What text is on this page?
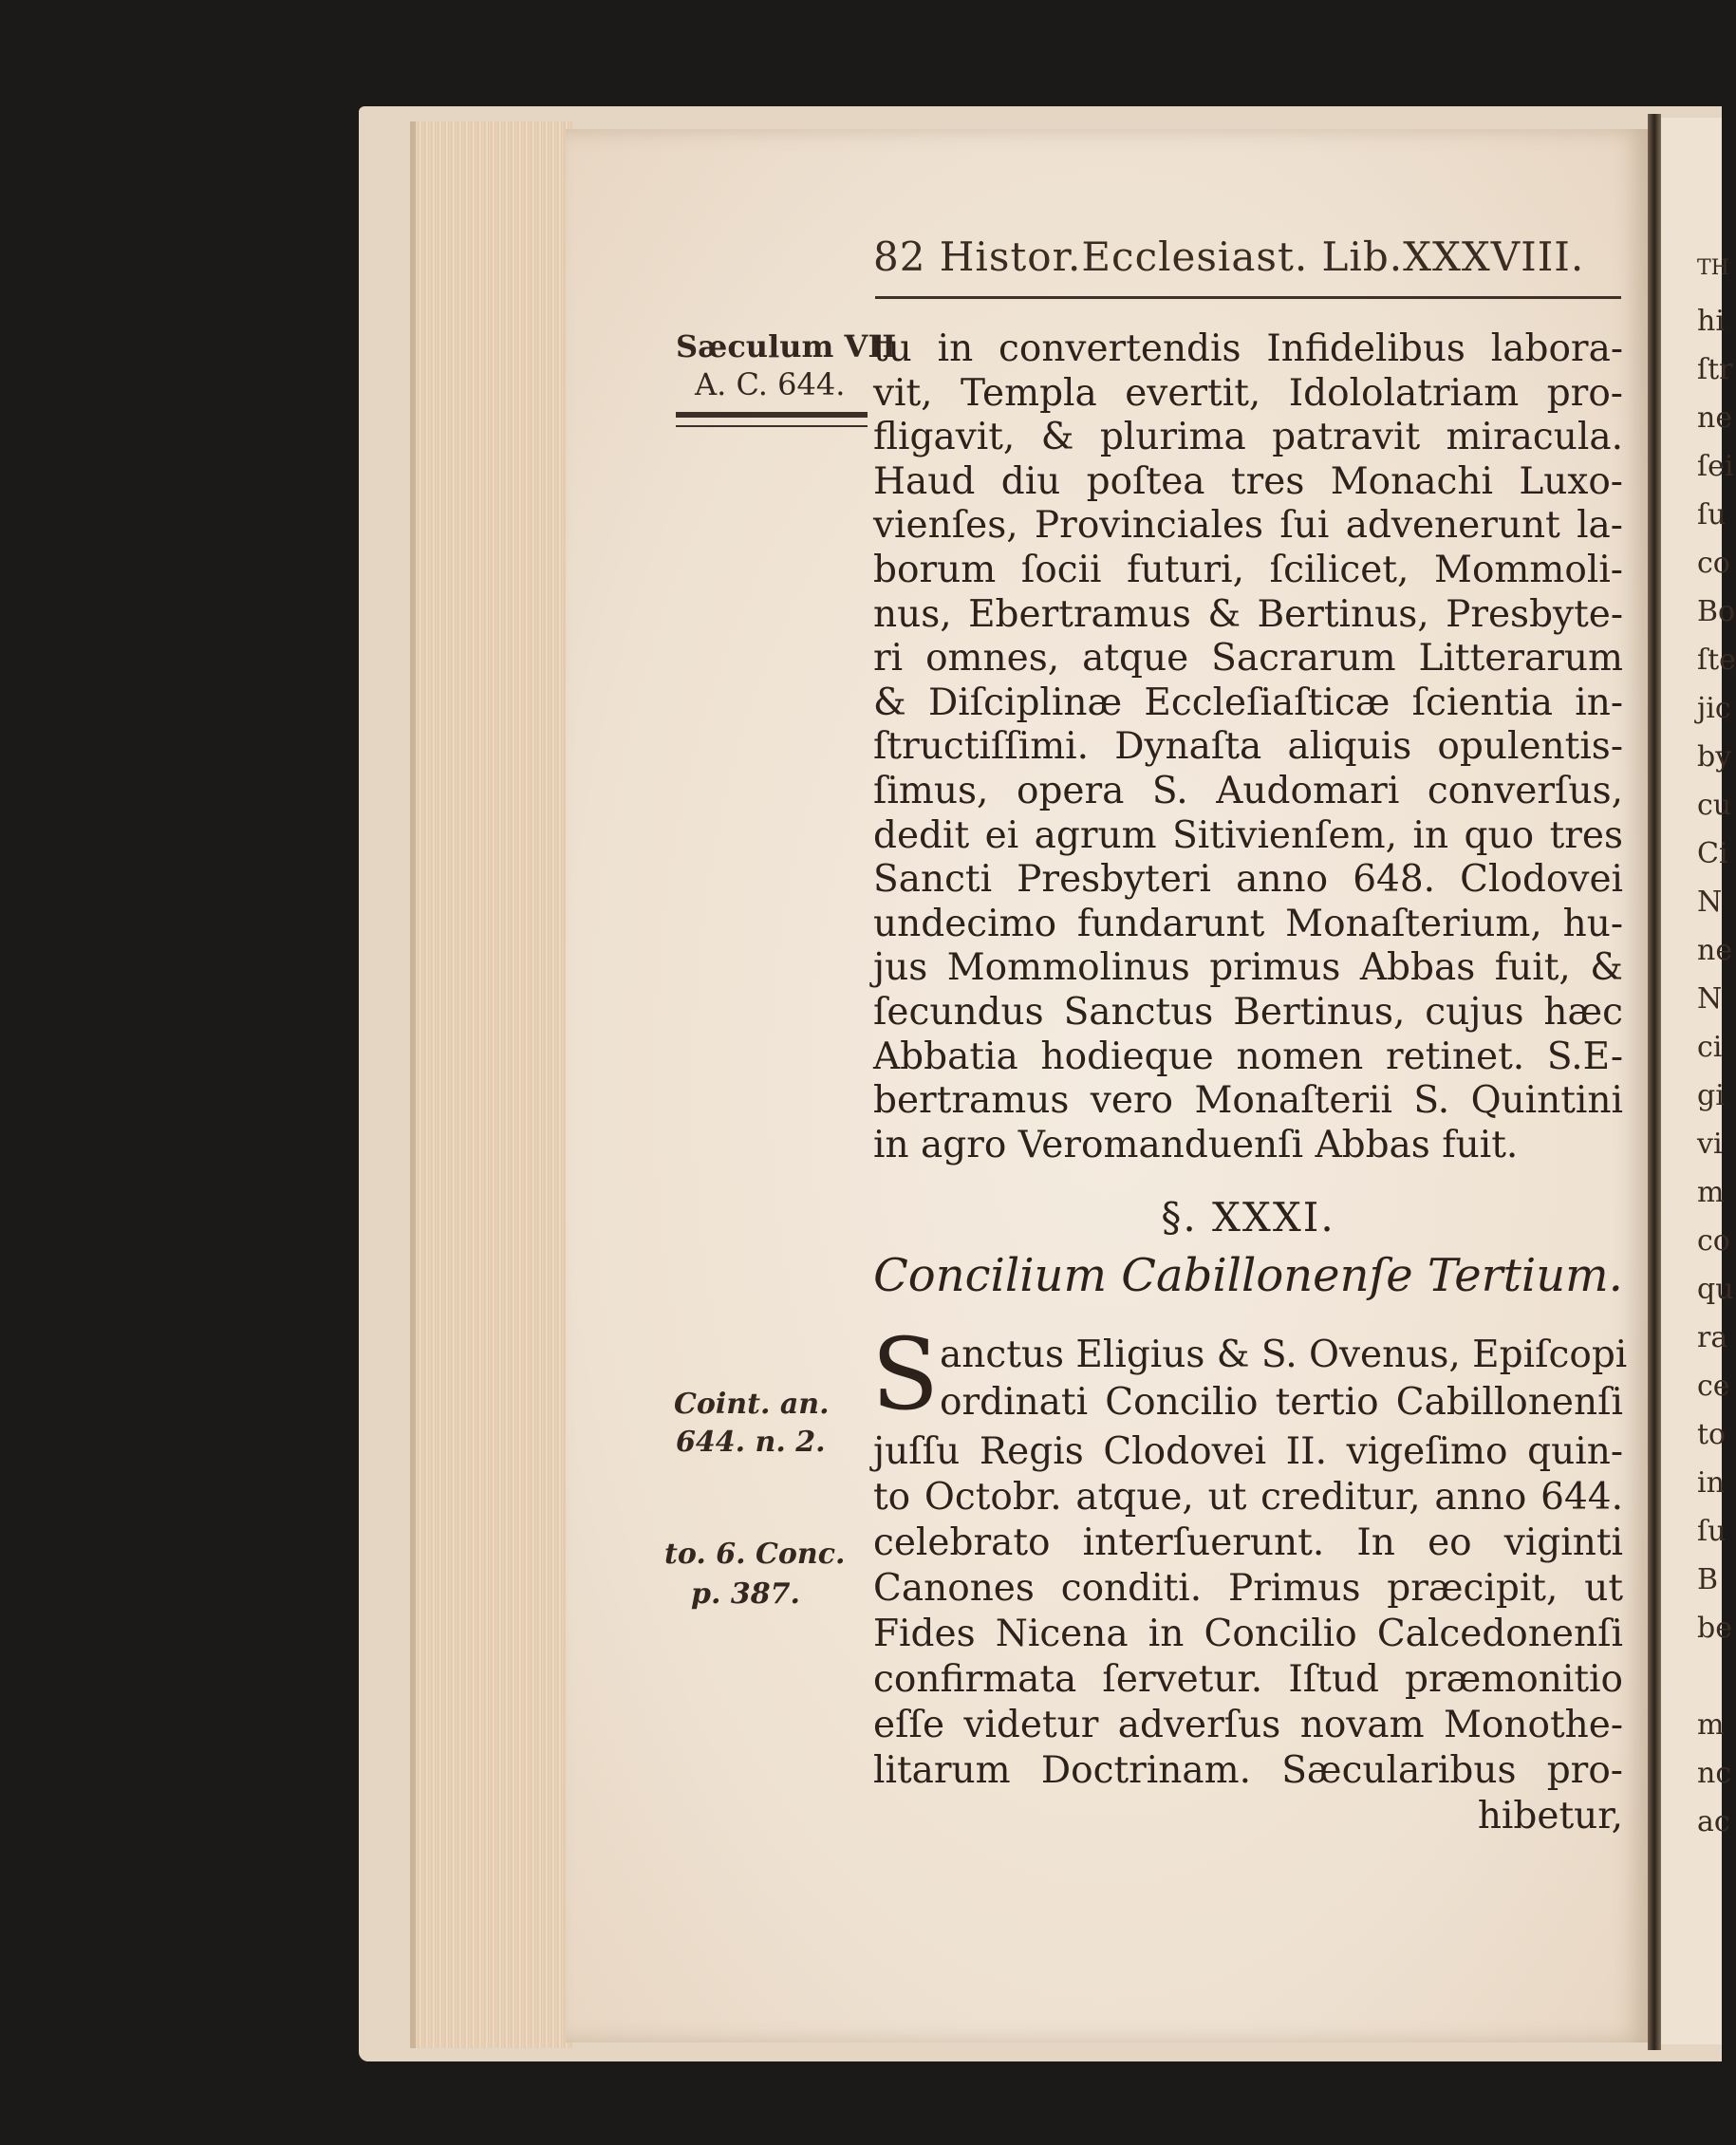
82 Histor.Ecclesiast. Lib.XXXVIII.
Sæculum VII
A. C. 644.
tu in convertendis Infidelibus labora-
vit, Templa evertit, Idololatriam pro-
fligavit, & plurima patravit miracula.
Haud diu poſtea tres Monachi Luxo-
vienſes, Provinciales ſui advenerunt la-
borum ſocii futuri, ſcilicet, Mommoli-
nus, Ebertramus & Bertinus, Presbyte-
ri omnes, atque Sacrarum Litterarum
& Diſciplinæ Eccleſiaſticæ ſcientia in-
ſtructiſſimi. Dynaſta aliquis opulentis-
ſimus, opera S. Audomari converſus,
dedit ei agrum Sitivienſem, in quo tres
Sancti Presbyteri anno 648. Clodovei
undecimo fundarunt Monaſterium, hu-
jus Mommolinus primus Abbas fuit, &
ſecundus Sanctus Bertinus, cujus hæc
Abbatia hodieque nomen retinet. S.E-
bertramus vero Monaſterii S. Quintini
in agro Veromanduenſi Abbas fuit.
§. XXXI.
Concilium Cabillonenſe Tertium.
S anctus Eligius & S. Ovenus, Epiſcopi
ordinati Concilio tertio Cabillonenſi
juſſu Regis Clodovei II. vigeſimo quin-
to Octobr. atque, ut creditur, anno 644.
celebrato interſuerunt. In eo viginti
Canones conditi. Primus præcipit, ut
Fides Nicena in Concilio Calcedonenſi
confirmata ſervetur. Iſtud præmonitio
eſſe videtur adverſus novam Monothe-
litarum Doctrinam. Sæcularibus pro-
hibetur,
Coint. an.
644. n. 2.
to. 6. Conc.
p. 387.
TH
hi
ſtr
ne
ſei
ſu
co
Bo
ſte
jic
by
cu
Ci
N
ne
N
ci
gi
vi
m
co
qu
ra
ce
to
in
ſu
B
be
m
nc
ac
